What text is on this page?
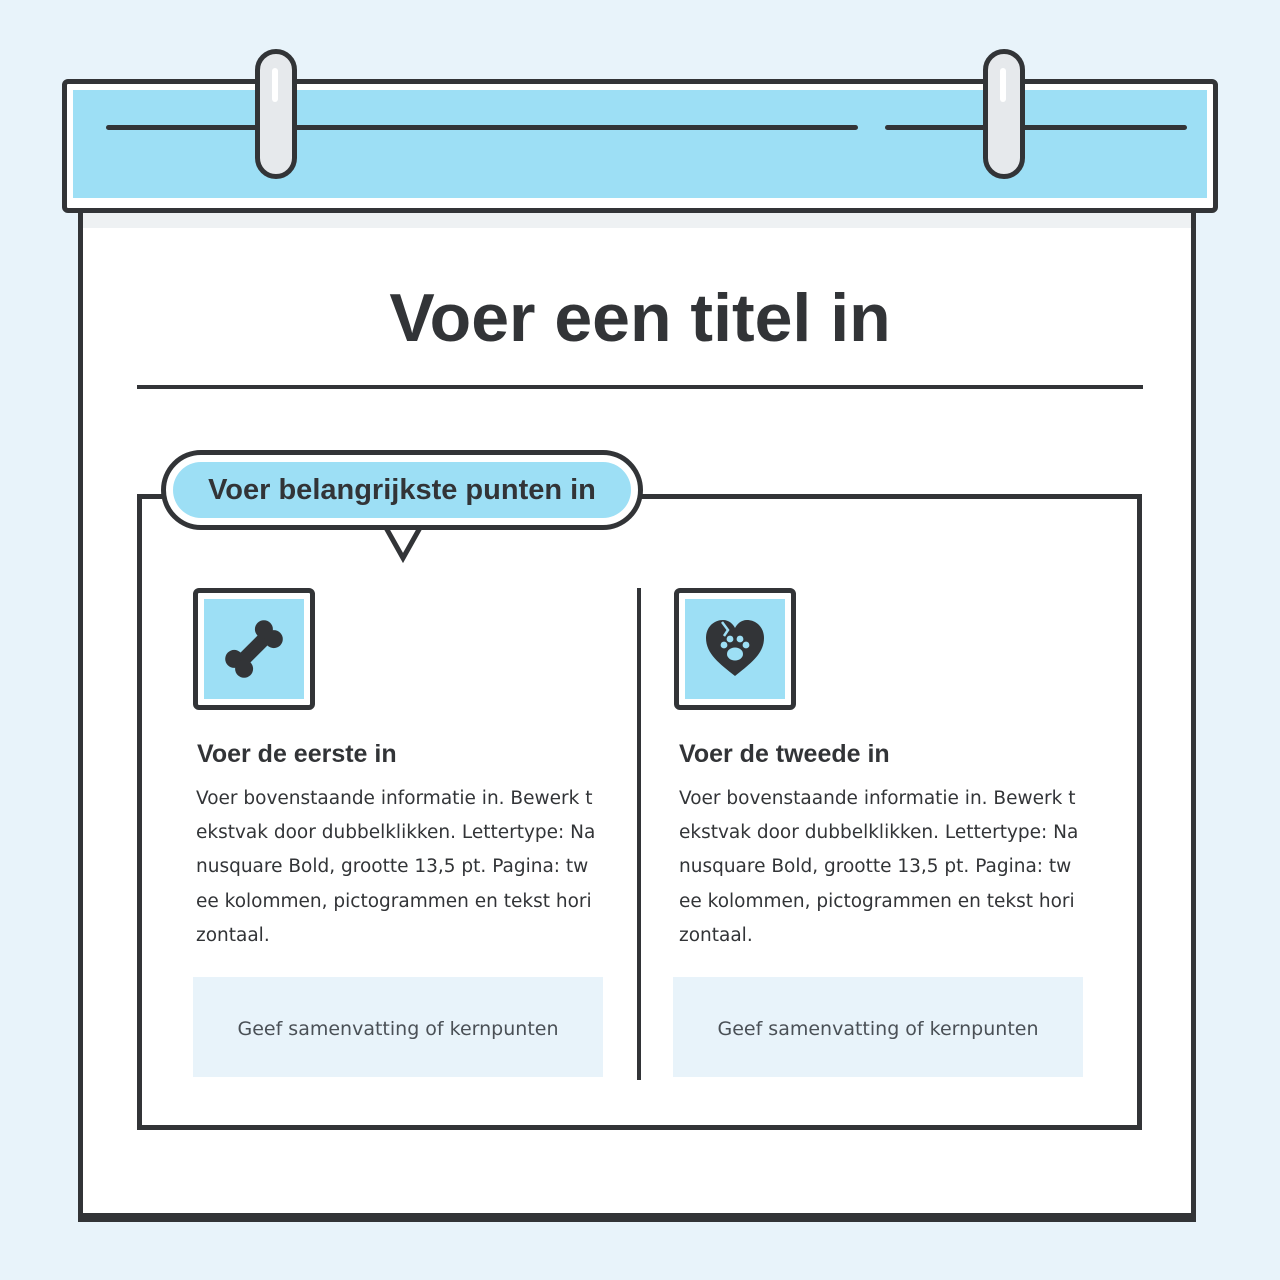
Voer een titel in
Voer belangrijkste punten in
Voer de eerste in

Voer bovenstaande informatie in. Bewerk tekstvak door dubbelklikken. Lettertype: Nanusquare Bold, grootte 13,5 pt. Pagina: twee kolommen, pictogrammen en tekst horizontaal.

Geef samenvatting of kernpunten
Voer de tweede in

Voer bovenstaande informatie in. Bewerk tekstvak door dubbelklikken. Lettertype: Nanusquare Bold, grootte 13,5 pt. Pagina: twee kolommen, pictogrammen en tekst horizontaal.

Geef samenvatting of kernpunten
